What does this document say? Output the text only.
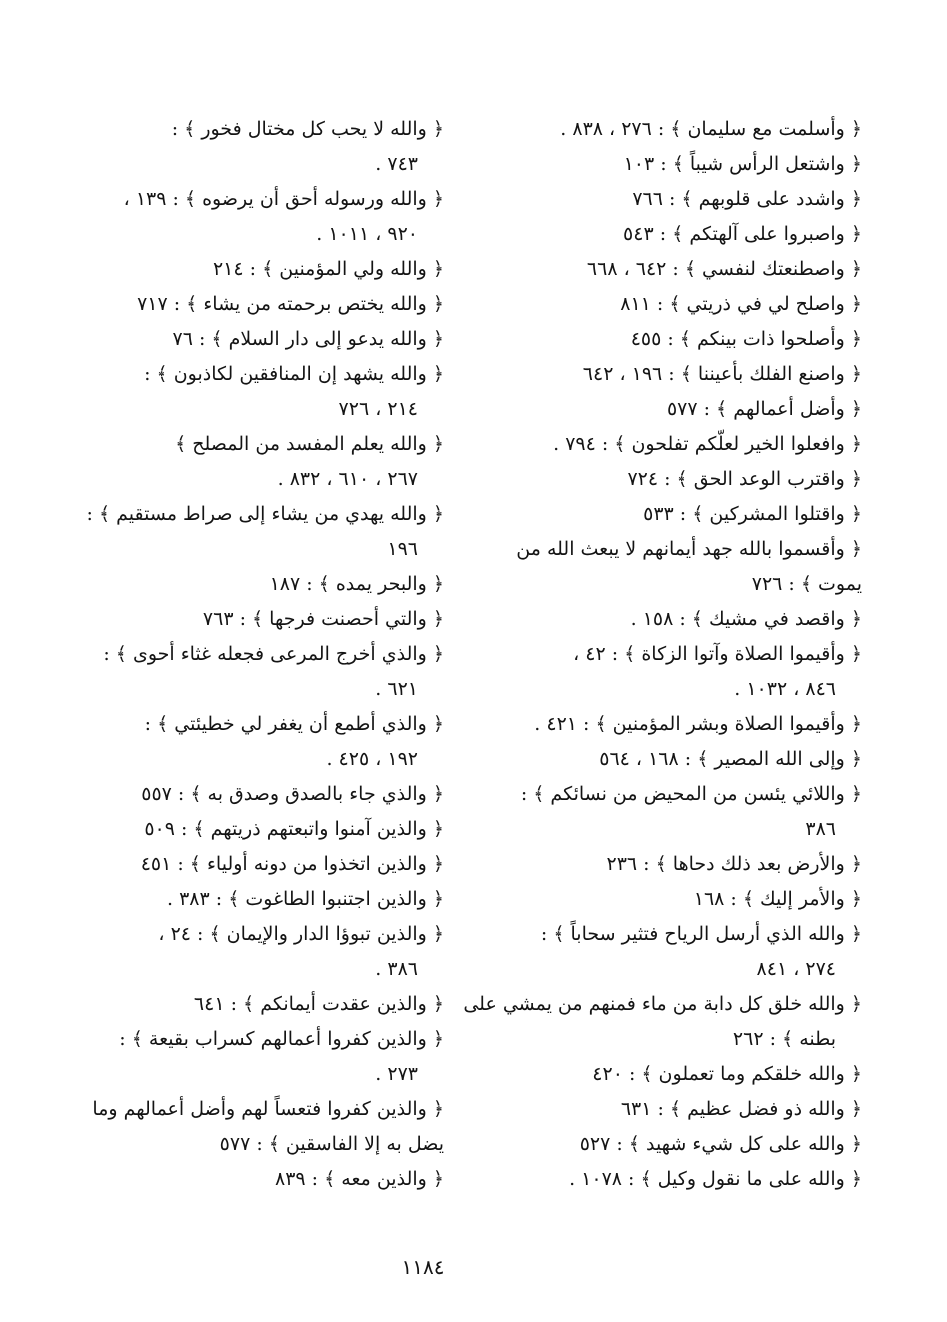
﴿ وأسلمت مع سليمان ﴾ : ٢٧٦ ، ٨٣٨ .
﴿ واشتعل الرأس شيباً ﴾ : ١٠٣
﴿ واشدد على قلوبهم ﴾ : ٧٦٦
﴿ واصبروا على آلهتكم ﴾ : ٥٤٣
﴿ واصطنعتك لنفسي ﴾ : ٦٤٢ ، ٦٦٨
﴿ واصلح لي في ذريتي ﴾ : ٨١١
﴿ وأصلحوا ذات بينكم ﴾ : ٤٥٥
﴿ واصنع الفلك بأعيننا ﴾ : ١٩٦ ، ٦٤٢
﴿ وأضل أعمالهم ﴾ : ٥٧٧
﴿ وافعلوا الخير لعلّكم تفلحون ﴾ : ٧٩٤ .
﴿ واقترب الوعد الحق ﴾ : ٧٢٤
﴿ واقتلوا المشركين ﴾ : ٥٣٣
﴿ وأقسموا بالله جهد أيمانهم لا يبعث الله من
يموت ﴾ : ٧٢٦
﴿ واقصد في مشيك ﴾ : ١٥٨ .
﴿ وأقيموا الصلاة وآتوا الزكاة ﴾ : ٤٢ ،
٨٤٦ ، ١٠٣٢ .
﴿ وأقيموا الصلاة وبشر المؤمنين ﴾ : ٤٢١ .
﴿ وإلى الله المصير ﴾ : ١٦٨ ، ٥٦٤
﴿ واللائي يئسن من المحيض من نسائكم ﴾ :
٣٨٦
﴿ والأرض بعد ذلك دحاها ﴾ : ٢٣٦
﴿ والأمر إليك ﴾ : ١٦٨
﴿ والله الذي أرسل الرياح فتثير سحاباً ﴾ :
٢٧٤ ، ٨٤١
﴿ والله خلق كل دابة من ماء فمنهم من يمشي على
بطنه ﴾ : ٢٦٢
﴿ والله خلقكم وما تعملون ﴾ : ٤٢٠
﴿ والله ذو فضل عظيم ﴾ : ٦٣١
﴿ والله على كل شيء شهيد ﴾ : ٥٢٧
﴿ والله على ما نقول وكيل ﴾ : ١٠٧٨ .
﴿ والله لا يحب كل مختال فخور ﴾ :
٧٤٣ .
﴿ والله ورسوله أحق أن يرضوه ﴾ : ١٣٩ ،
٩٢٠ ، ١٠١١ .
﴿ والله ولي المؤمنين ﴾ : ٢١٤
﴿ والله يختص برحمته من يشاء ﴾ : ٧١٧
﴿ والله يدعو إلى دار السلام ﴾ : ٧٦
﴿ والله يشهد إن المنافقين لكاذبون ﴾ :
٢١٤ ، ٧٢٦
﴿ والله يعلم المفسد من المصلح ﴾
٢٦٧ ، ٦١٠ ، ٨٣٢ .
﴿ والله يهدي من يشاء إلى صراط مستقيم ﴾ :
١٩٦
﴿ والبحر يمده ﴾ : ١٨٧
﴿ والتي أحصنت فرجها ﴾ : ٧٦٣
﴿ والذي أخرج المرعى فجعله غثاء أحوى ﴾ :
٦٢١ .
﴿ والذي أطمع أن يغفر لي خطيئتي ﴾ :
١٩٢ ، ٤٢٥ .
﴿ والذي جاء بالصدق وصدق به ﴾ : ٥٥٧
﴿ والذين آمنوا واتبعتهم ذريتهم ﴾ : ٥٠٩
﴿ والذين اتخذوا من دونه أولياء ﴾ : ٤٥١
﴿ والذين اجتنبوا الطاغوت ﴾ : ٣٨٣ .
﴿ والذين تبوؤا الدار والإيمان ﴾ : ٢٤ ،
٣٨٦ .
﴿ والذين عقدت أيمانكم ﴾ : ٦٤١
﴿ والذين كفروا أعمالهم كسراب بقيعة ﴾ :
٢٧٣ .
﴿ والذين كفروا فتعساً لهم وأضل أعمالهم وما
يضل به إلا الفاسقين ﴾ : ٥٧٧
﴿ والذين معه ﴾ : ٨٣٩
١١٨٤
